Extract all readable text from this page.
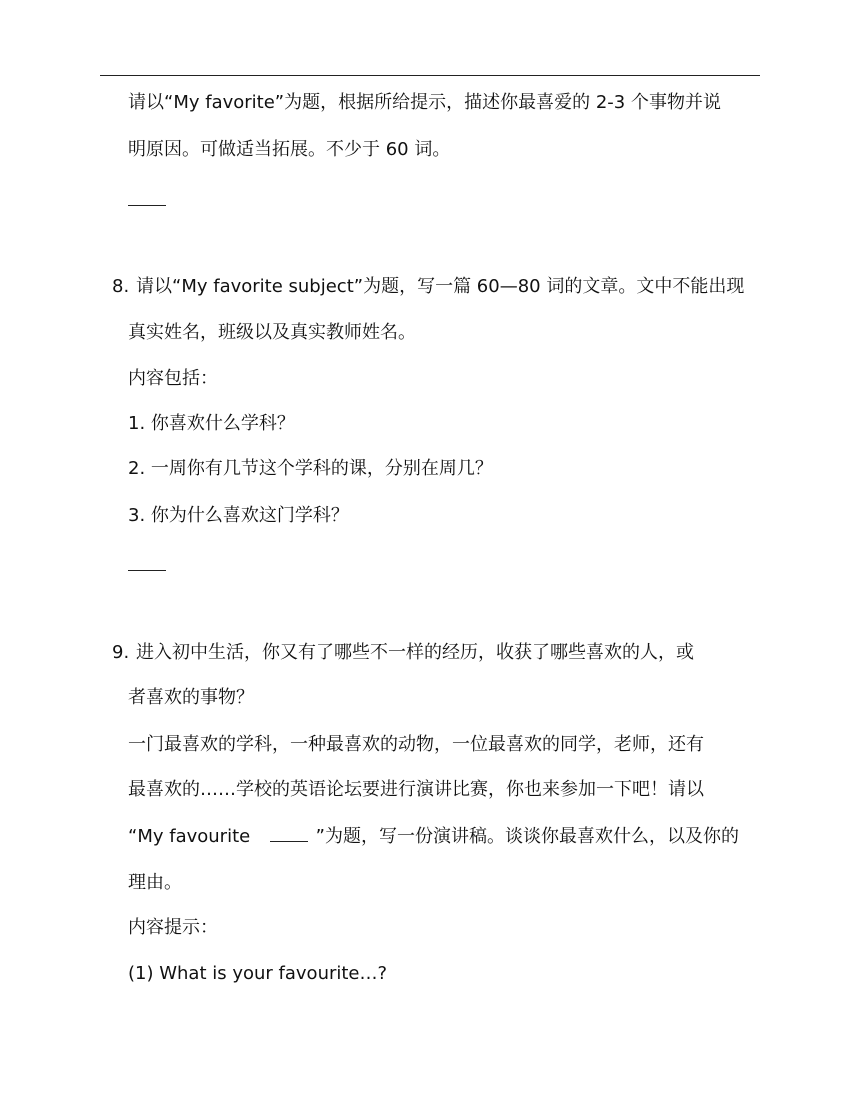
请以“My favorite”为题，根据所给提示，描述你最喜爱的 2-3 个事物并说
明原因。可做适当拓展。不少于 60 词。
8. 请以“My favorite subject”为题，写一篇 60—80 词的文章。文中不能出现
真实姓名，班级以及真实教师姓名。
内容包括：
1. 你喜欢什么学科？
2. 一周你有几节这个学科的课，分别在周几？
3. 你为什么喜欢这门学科？
9. 进入初中生活，你又有了哪些不一样的经历，收获了哪些喜欢的人，或
者喜欢的事物？
一门最喜欢的学科，一种最喜欢的动物，一位最喜欢的同学，老师，还有
最喜欢的……学校的英语论坛要进行演讲比赛，你也来参加一下吧！请以
“My favourite	”为题，写一份演讲稿。谈谈你最喜欢什么，以及你的
理由。
内容提示：
(1) What is your favourite…?
